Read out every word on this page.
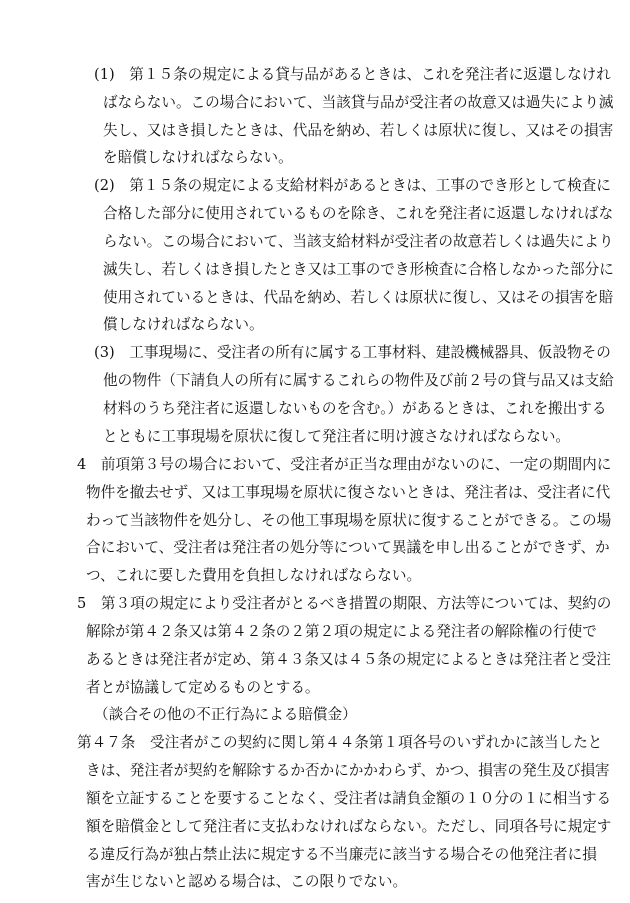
(1)　第１５条の規定による貸与品があるときは、これを発注者に返還しなけれ
ばならない。この場合において、当該貸与品が受注者の故意又は過失により滅
失し、又はき損したときは、代品を納め、若しくは原状に復し、又はその損害
を賠償しなければならない。
(2)　第１５条の規定による支給材料があるときは、工事のでき形として検査に
合格した部分に使用されているものを除き、これを発注者に返還しなければな
らない。この場合において、当該支給材料が受注者の故意若しくは過失により
滅失し、若しくはき損したとき又は工事のでき形検査に合格しなかった部分に
使用されているときは、代品を納め、若しくは原状に復し、又はその損害を賠
償しなければならない。
(3)　工事現場に、受注者の所有に属する工事材料、建設機械器具、仮設物その
他の物件（下請負人の所有に属するこれらの物件及び前２号の貸与品又は支給
材料のうち発注者に返還しないものを含む。）があるときは、これを搬出する
とともに工事現場を原状に復して発注者に明け渡さなければならない。
4　前項第３号の場合において、受注者が正当な理由がないのに、一定の期間内に
物件を撤去せず、又は工事現場を原状に復さないときは、発注者は、受注者に代
わって当該物件を処分し、その他工事現場を原状に復することができる。この場
合において、受注者は発注者の処分等について異議を申し出ることができず、か
つ、これに要した費用を負担しなければならない。
5　第３項の規定により受注者がとるべき措置の期限、方法等については、契約の
解除が第４２条又は第４２条の２第２項の規定による発注者の解除権の行使で
あるときは発注者が定め、第４３条又は４５条の規定によるときは発注者と受注
者とが協議して定めるものとする。
（談合その他の不正行為による賠償金）
第４７条　受注者がこの契約に関し第４４条第１項各号のいずれかに該当したと
きは、発注者が契約を解除するか否かにかかわらず、かつ、損害の発生及び損害
額を立証することを要することなく、受注者は請負金額の１０分の１に相当する
額を賠償金として発注者に支払わなければならない。ただし、同項各号に規定す
る違反行為が独占禁止法に規定する不当廉売に該当する場合その他発注者に損
害が生じないと認める場合は、この限りでない。
